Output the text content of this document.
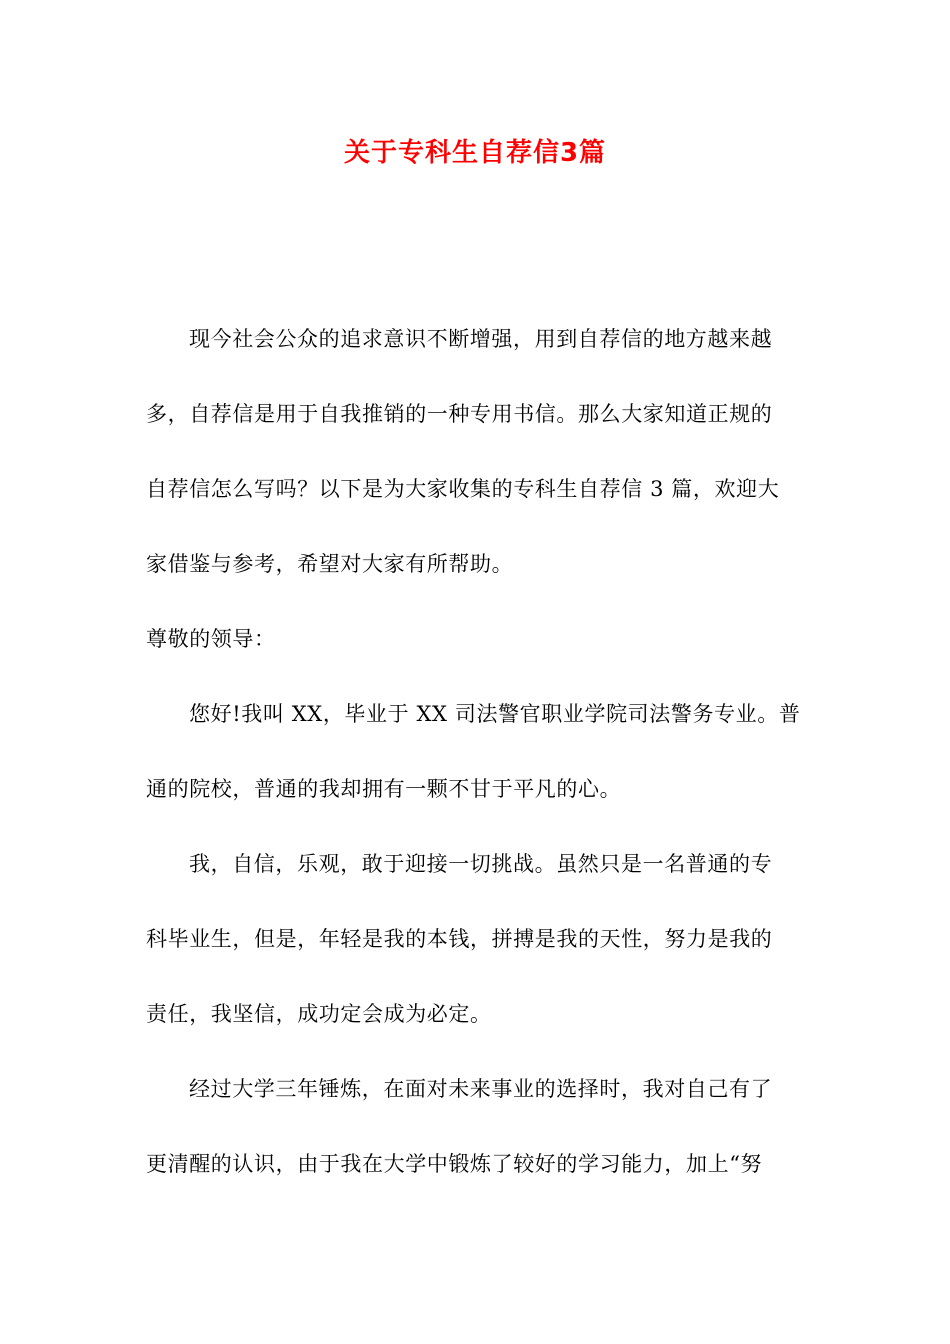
关于专科生自荐信3篇
现今社会公众的追求意识不断增强，用到自荐信的地方越来越
多，自荐信是用于自我推销的一种专用书信。那么大家知道正规的
自荐信怎么写吗？以下是为大家收集的专科生自荐信 3 篇，欢迎大
家借鉴与参考，希望对大家有所帮助。
尊敬的领导：
您好!我叫 XX，毕业于 XX 司法警官职业学院司法警务专业。普
通的院校，普通的我却拥有一颗不甘于平凡的心。
我，自信，乐观，敢于迎接一切挑战。虽然只是一名普通的专
科毕业生，但是，年轻是我的本钱，拼搏是我的天性，努力是我的
责任，我坚信，成功定会成为必定。
经过大学三年锤炼，在面对未来事业的选择时，我对自己有了
更清醒的认识，由于我在大学中锻炼了较好的学习能力，加上“努
